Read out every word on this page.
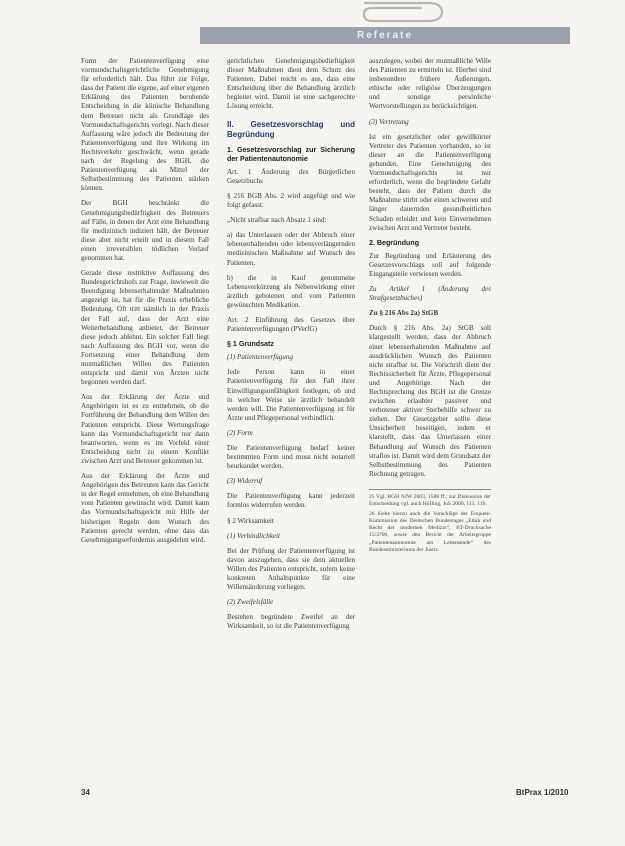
Referate

Form der Patientenverfügung eine vormundschaftsgerichtliche Genehmigung für erforderlich hält. Das führt zur Folge, dass der Patient die eigene, auf einer eigenen Erklärung des Patienten beruhende Entscheidung in die klinische Behandlung dem Betreuer nicht als Grundlage des Vormundschaftsgerichts vorlegt. Nach dieser Auffassung wäre jedoch die Bedeutung der Patientenverfügung und ihre Wirkung im Rechtsverkehr geschwächt, wenn gerade nach der Regelung des BGH, die Patientenverfügung als Mittel der Selbstbestimmung des Patienten stärken können.

Der BGH beschränkt die Genehmigungsbedürftigkeit des Betreuers auf Fälle, in denen der Arzt eine Behandlung für medizinisch indiziert hält, der Betreuer diese aber nicht erteilt und in diesem Fall einen irreversiblen tödlichen Verlauf genommen hat.

Gerade diese restriktive Auffassung des Bundesgerichtshofs zur Frage, inwieweit die Beendigung lebenserhaltender Maßnahmen angezeigt ist, hat für die Praxis erhebliche Bedeutung. Oft tritt nämlich in der Praxis der Fall auf, dass der Arzt eine Weiterbehandlung anbietet, der Betreuer diese jedoch ablehnt. Ein solcher Fall liegt nach Auffassung des BGH vor, wenn die Fortsetzung einer Behandlung dem mutmaßlichen Willen des Patienten entspricht und damit von Ärzten nicht begonnen werden darf.

Aus der Erklärung der Ärzte und Angehörigen ist es zu entnehmen, ob die Fortführung der Behandlung dem Willen des Patienten entspricht. Diese Wertungsfrage kann das Vormundschaftsgericht nur dann beantworten, wenn es im Vorfeld einer Entscheidung nicht zu einem Konflikt zwischen Arzt und Betreuer gekommen ist.

Aus der Erklärung der Ärzte und Angehörigen des Betreuten kann das Gericht in der Regel entnehmen, ob eine Behandlung vom Patienten gewünscht wird. Damit kann das Vormundschaftsgericht mit Hilfe der bisherigen Regeln dem Wunsch des Patienten gerecht werden, ohne dass das Genehmigungserfordernis ausgedehnt wird.

gerichtlichen Genehmigungsbedürftigkeit dieser Maßnahmen dient dem Schutz des Patienten. Dabei reicht es aus, dass eine Entscheidung über die Behandlung ärztlich begleitet wird. Damit ist eine sachgerechte Lösung erreicht.

II. Gesetzesvorschlag und Begründung
1. Gesetzesvorschlag zur Sicherung der Patientenautonomie

Art. 1 Änderung des Bürgerlichen Gesetzbuchs

§ 216 BGB Abs. 2 wird angefügt und wie folgt gefasst:

„Nicht strafbar nach Absatz 1 sind:

a) das Unterlassen oder der Abbruch einer lebenserhaltenden oder lebensverlängernden medizinischen Maßnahme auf Wunsch des Patienten,

b) die in Kauf genommene Lebensverkürzung als Nebenwirkung einer ärztlich gebotenen und vom Patienten gewünschten Medikation.

Art. 2 Einführung des Gesetzes über Patientenverfügungen (PVerfG)

§ 1 Grundsatz

(1) Patientenverfügung

Jede Person kann in einer Patientenverfügung für den Fall ihrer Einwilligungsunfähigkeit festlegen, ob und in welcher Weise sie ärztlich behandelt werden will. Die Patientenverfügung ist für Ärzte und Pflegepersonal verbindlich.

(2) Form

Die Patientenverfügung bedarf keiner bestimmten Form und muss nicht notariell beurkundet werden.

(3) Widerruf

Die Patientenverfügung kann jederzeit formlos widerrufen werden.

§ 2 Wirksamkeit

(1) Verbindlichkeit

Bei der Prüfung der Patientenverfügung ist davon auszugehen, dass sie dem aktuellen Willen des Patienten entspricht, sofern keine konkreten Anhaltspunkte für eine Willensänderung vorliegen.

(2) Zweifelsfälle

Bestehen begründete Zweifel an der Wirksamkeit, so ist die Patientenverfügung

auszulegen, wobei der mutmaßliche Wille des Patienten zu ermitteln ist. Hierbei sind insbesondere frühere Äußerungen, ethische oder religiöse Überzeugungen und sonstige persönliche Wertvorstellungen zu berücksichtigen.

(3) Vertretung

Ist ein gesetzlicher oder gewillkürter Vertreter des Patienten vorhanden, so ist dieser an die Patientenverfügung gebunden. Eine Genehmigung des Vormundschaftsgerichts ist nur erforderlich, wenn die begründete Gefahr besteht, dass der Patient durch die Maßnahme stirbt oder einen schweren und länger dauernden gesundheitlichen Schaden erleidet und kein Einvernehmen zwischen Arzt und Vertreter besteht.

2. Begründung

Zur Begründung und Erläuterung des Gesetzesvorschlags soll auf folgende Eingangsteile verwiesen werden.

Zu Artikel 1 (Änderung des Strafgesetzbuches)

Zu § 216 Abs 2a) StGB

Durch § 216 Abs. 2a) StGB soll klargestellt werden, dass der Abbruch einer lebenserhaltenden Maßnahme auf ausdrücklichen Wunsch des Patienten nicht strafbar ist. Die Vorschrift dient der Rechtssicherheit für Ärzte, Pflegepersonal und Angehörige. Nach der Rechtsprechung des BGH ist die Grenze zwischen erlaubter passiver und verbotener aktiver Sterbehilfe schwer zu ziehen. Der Gesetzgeber sollte diese Unsicherheit beseitigen, indem er klarstellt, dass das Unterlassen einer Behandlung auf Wunsch des Patienten straflos ist. Damit wird dem Grundsatz der Selbstbestimmung des Patienten Rechnung getragen.

25 Vgl. BGH NJW 2003, 1588 ff.; zur Diskussion der Entscheidung vgl. auch Höfling, JuS 2000, 111, 116.

26 Siehe hierzu auch die Vorschläge der Enquete-Kommission des Deutschen Bundestages „Ethik und Recht der modernen Medizin“, BT-Drucksache 15/3700, sowie den Bericht der Arbeitsgruppe „Patientenautonomie am Lebensende“ des Bundesministeriums der Justiz.

34	BtPrax 1/2010
